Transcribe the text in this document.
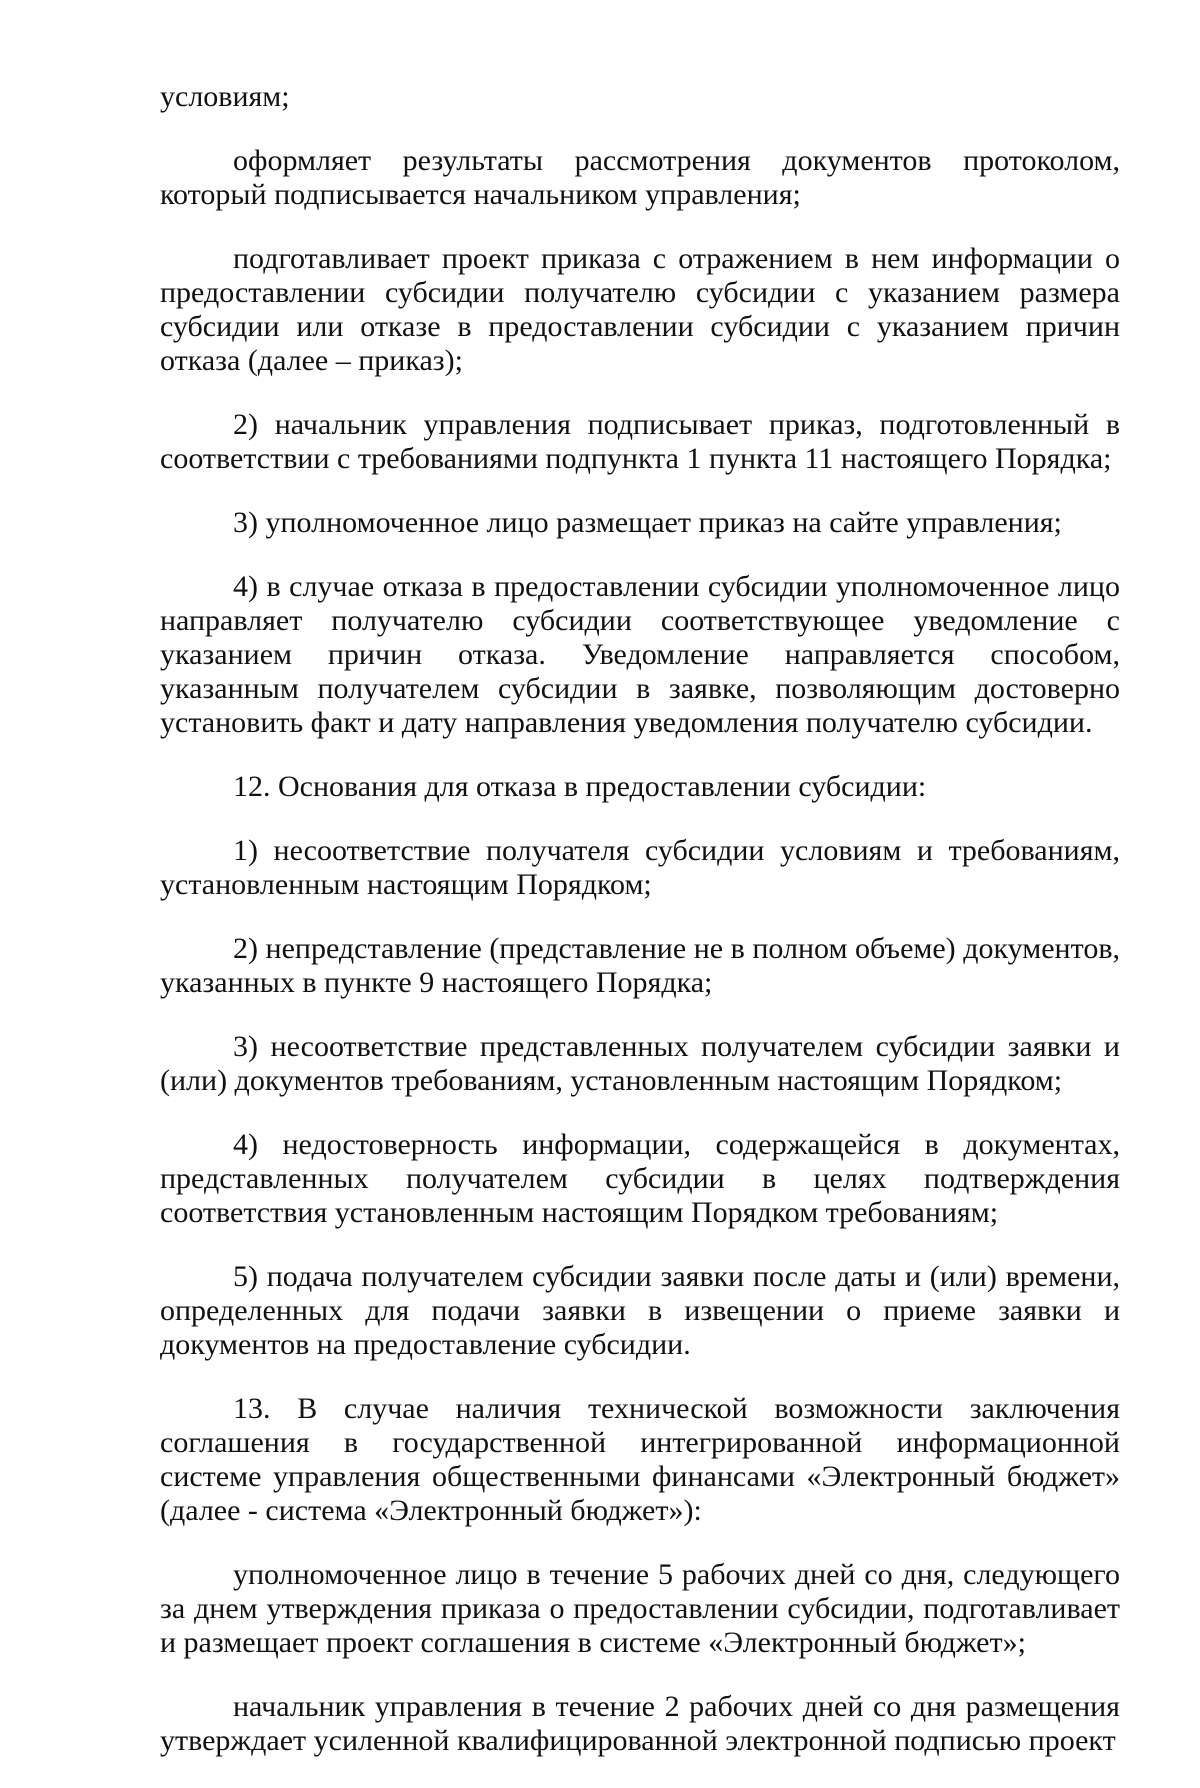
условиям;

оформляет результаты рассмотрения документов протоколом, который подписывается начальником управления;

подготавливает проект приказа с отражением в нем информации о предоставлении субсидии получателю субсидии с указанием размера субсидии или отказе в предоставлении субсидии с указанием причин отказа (далее – приказ);

2) начальник управления подписывает приказ, подготовленный в соответствии с требованиями подпункта 1 пункта 11 настоящего Порядка;

3) уполномоченное лицо размещает приказ на сайте управления;

4) в случае отказа в предоставлении субсидии уполномоченное лицо направляет получателю субсидии соответствующее уведомление с указанием причин отказа. Уведомление направляется способом, указанным получателем субсидии в заявке, позволяющим достоверно установить факт и дату направления уведомления получателю субсидии.

12. Основания для отказа в предоставлении субсидии:

1) несоответствие получателя субсидии условиям и требованиям, установленным настоящим Порядком;

2) непредставление (представление не в полном объеме) документов, указанных в пункте 9 настоящего Порядка;

3) несоответствие представленных получателем субсидии заявки и (или) документов требованиям, установленным настоящим Порядком;

4) недостоверность информации, содержащейся в документах, представленных получателем субсидии в целях подтверждения соответствия установленным настоящим Порядком требованиям;

5) подача получателем субсидии заявки после даты и (или) времени, определенных для подачи заявки в извещении о приеме заявки и документов на предоставление субсидии.

13. В случае наличия технической возможности заключения соглашения в государственной интегрированной информационной системе управления общественными финансами «Электронный бюджет» (далее - система «Электронный бюджет»):

уполномоченное лицо в течение 5 рабочих дней со дня, следующего за днем утверждения приказа о предоставлении субсидии, подготавливает и размещает проект соглашения в системе «Электронный бюджет»;

начальник управления в течение 2 рабочих дней со дня размещения утверждает усиленной квалифицированной электронной подписью проект
